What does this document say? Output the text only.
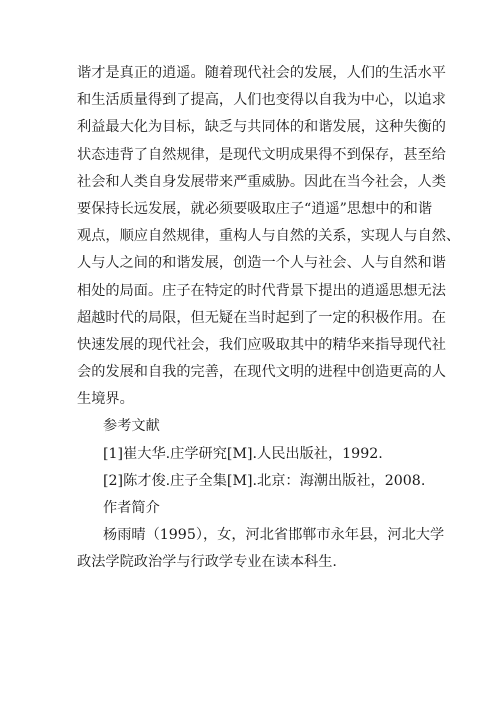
谐才是真正的逍遥。随着现代社会的发展，人们的生活水平
和生活质量得到了提高，人们也变得以自我为中心，以追求
利益最大化为目标，缺乏与共同体的和谐发展，这种失衡的
状态违背了自然规律，是现代文明成果得不到保存，甚至给
社会和人类自身发展带来严重威胁。因此在当今社会，人类
要保持长远发展，就必须要吸取庄子“逍遥”思想中的和谐
观点，顺应自然规律，重构人与自然的关系，实现人与自然、
人与人之间的和谐发展，创造一个人与社会、人与自然和谐
相处的局面。庄子在特定的时代背景下提出的逍遥思想无法
超越时代的局限，但无疑在当时起到了一定的积极作用。在
快速发展的现代社会，我们应吸取其中的精华来指导现代社
会的发展和自我的完善，在现代文明的进程中创造更高的人
生境界。
参考文献
[1]崔大华.庄学研究[M].人民出版社，1992.
[2]陈才俊.庄子全集[M].北京：海潮出版社，2008.
作者简介
杨雨晴（1995），女，河北省邯郸市永年县，河北大学
政法学院政治学与行政学专业在读本科生.
